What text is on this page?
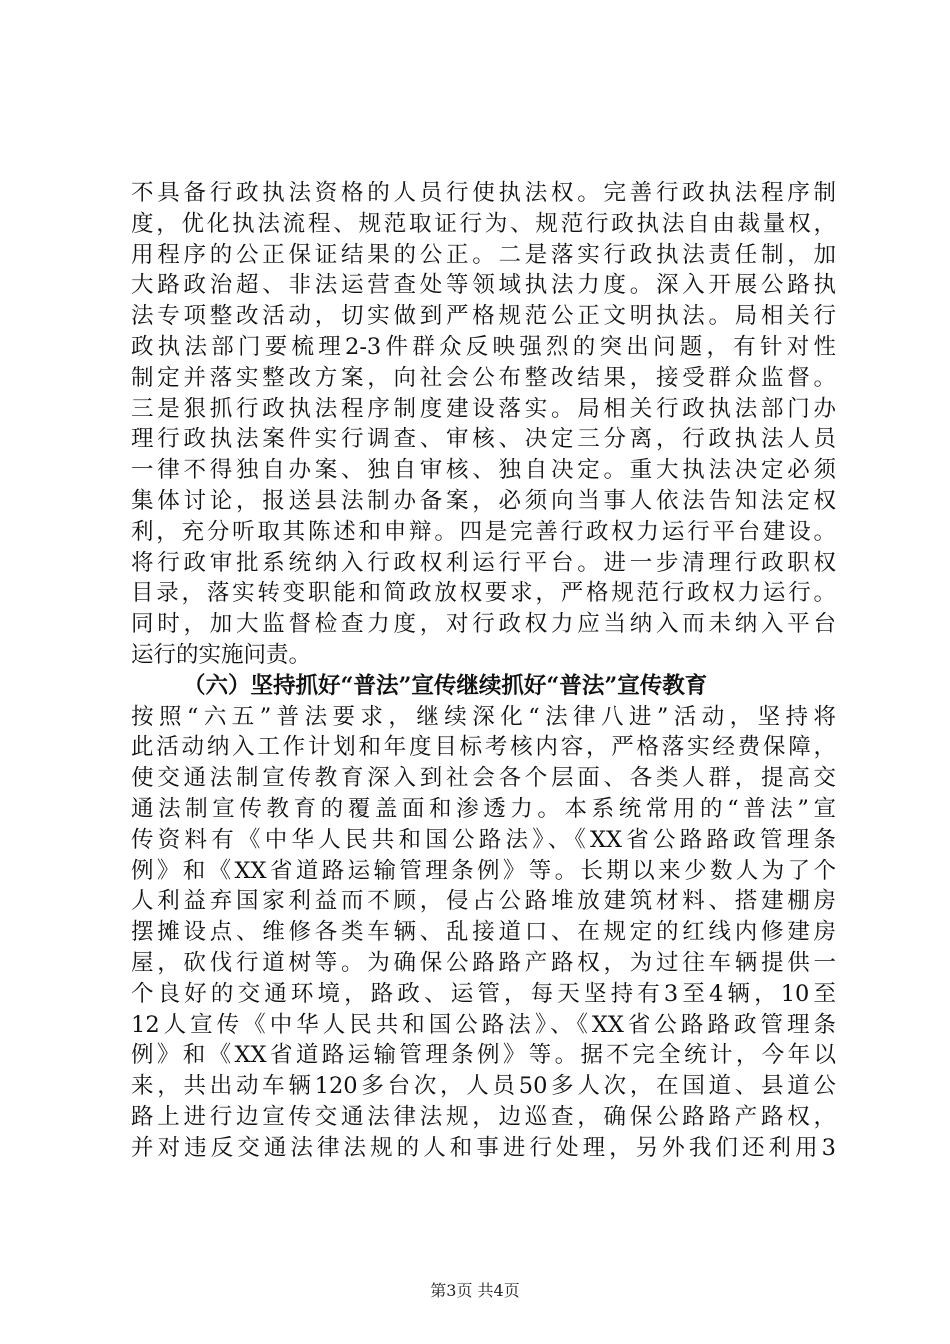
不具备行政执法资格的人员行使执法权。完善行政执法程序制
度，优化执法流程、规范取证行为、规范行政执法自由裁量权，
用程序的公正保证结果的公正。二是落实行政执法责任制，加
大路政治超、非法运营查处等领域执法力度。深入开展公路执
法专项整改活动，切实做到严格规范公正文明执法。局相关行
政执法部门要梳理2-3件群众反映强烈的突出问题，有针对性
制定并落实整改方案，向社会公布整改结果，接受群众监督。
三是狠抓行政执法程序制度建设落实。局相关行政执法部门办
理行政执法案件实行调查、审核、决定三分离，行政执法人员
一律不得独自办案、独自审核、独自决定。重大执法决定必须
集体讨论，报送县法制办备案，必须向当事人依法告知法定权
利，充分听取其陈述和申辩。四是完善行政权力运行平台建设。
将行政审批系统纳入行政权利运行平台。进一步清理行政职权
目录，落实转变职能和简政放权要求，严格规范行政权力运行。
同时，加大监督检查力度，对行政权力应当纳入而未纳入平台
运行的实施问责。
（六）坚持抓好“普法”宣传继续抓好“普法”宣传教育
按照“六五”普法要求，继续深化“法律八进”活动，坚持将
此活动纳入工作计划和年度目标考核内容，严格落实经费保障，
使交通法制宣传教育深入到社会各个层面、各类人群，提高交
通法制宣传教育的覆盖面和渗透力。本系统常用的“普法”宣
传资料有《中华人民共和国公路法》、《XX省公路路政管理条
例》和《XX省道路运输管理条例》等。长期以来少数人为了个
人利益弃国家利益而不顾，侵占公路堆放建筑材料、搭建棚房
摆摊设点、维修各类车辆、乱接道口、在规定的红线内修建房
屋，砍伐行道树等。为确保公路路产路权，为过往车辆提供一
个良好的交通环境，路政、运管，每天坚持有3至4辆，10至
12人宣传《中华人民共和国公路法》、《XX省公路路政管理条
例》和《XX省道路运输管理条例》等。据不完全统计，今年以
来，共出动车辆120多台次，人员50多人次，在国道、县道公
路上进行边宣传交通法律法规，边巡查，确保公路路产路权，
并对违反交通法律法规的人和事进行处理，另外我们还利用3
第3页 共4页
